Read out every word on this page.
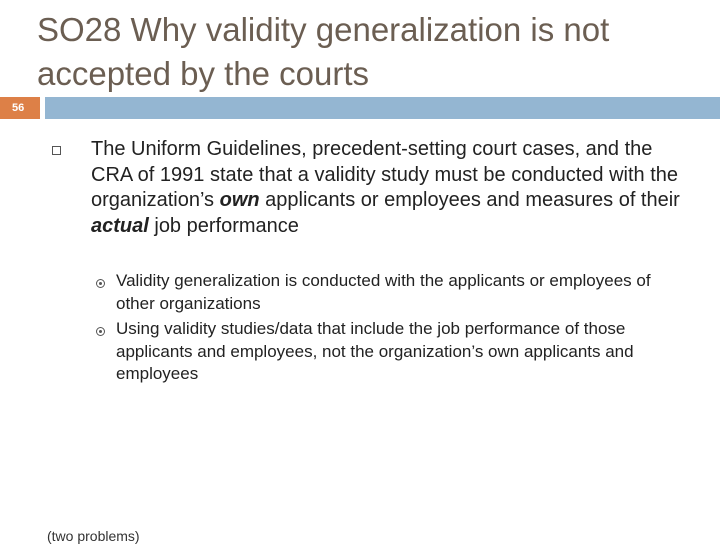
SO28 Why validity generalization is not accepted by the courts
56
The Uniform Guidelines, precedent-setting court cases, and the CRA of 1991 state that a validity study must be conducted with the organization’s own applicants or employees and measures of their actual job performance
Validity generalization is conducted with the applicants or employees of other organizations
Using validity studies/data that include the job performance of those applicants and employees, not the organization’s own applicants and employees
(two problems)
